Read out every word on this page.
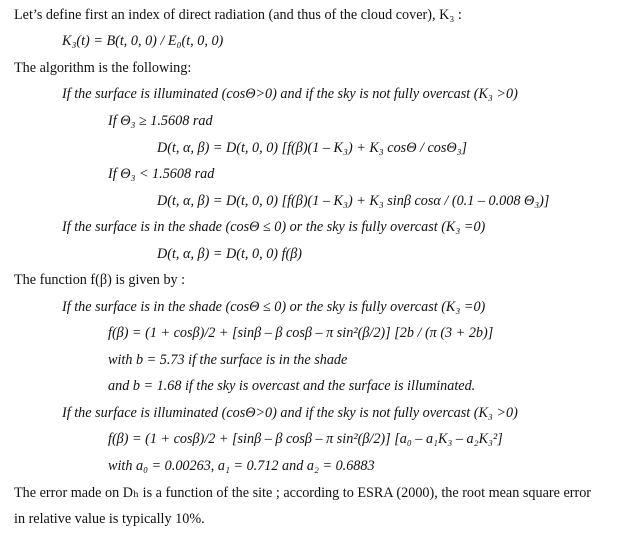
Let’s define first an index of direct radiation (and thus of the cloud cover), K₃ :
K₃(t) = B(t, 0, 0) / E₀(t, 0, 0)
The algorithm is the following:
If the surface is illuminated (cosΘ>0) and if the sky is not fully overcast (K₃ >0)
If Θ₃ ≥ 1.5608 rad
D(t, α, β) = D(t, 0, 0) [f(β)(1 – K₃) + K₃ cosΘ / cosΘ₃]
If Θ₃ < 1.5608 rad
D(t, α, β) = D(t, 0, 0) [f(β)(1 – K₃) + K₃ sinβ cosα / (0.1 – 0.008 Θ₃)]
If the surface is in the shade (cosΘ ≤ 0) or the sky is fully overcast (K₃ =0)
D(t, α, β) = D(t, 0, 0) f(β)
The function f(β) is given by :
If the surface is in the shade (cosΘ ≤ 0) or the sky is fully overcast (K₃ =0)
f(β) = (1 + cosβ)/2 + [sinβ – β cosβ – π sin²(β/2)] [2b / (π (3 + 2b)]
with b = 5.73 if the surface is in the shade
and b = 1.68 if the sky is overcast and the surface is illuminated.
If the surface is illuminated (cosΘ>0) and if the sky is not fully overcast (K₃ >0)
f(β) = (1 + cosβ)/2 + [sinβ – β cosβ – π sin²(β/2)] [a₀ – a₁K₃ – a₂K₃²]
with a₀ = 0.00263, a₁ = 0.712 and a₂ = 0.6883
The error made on Dₕ is a function of the site ; according to ESRA (2000), the root mean square error
in relative value is typically 10%.
